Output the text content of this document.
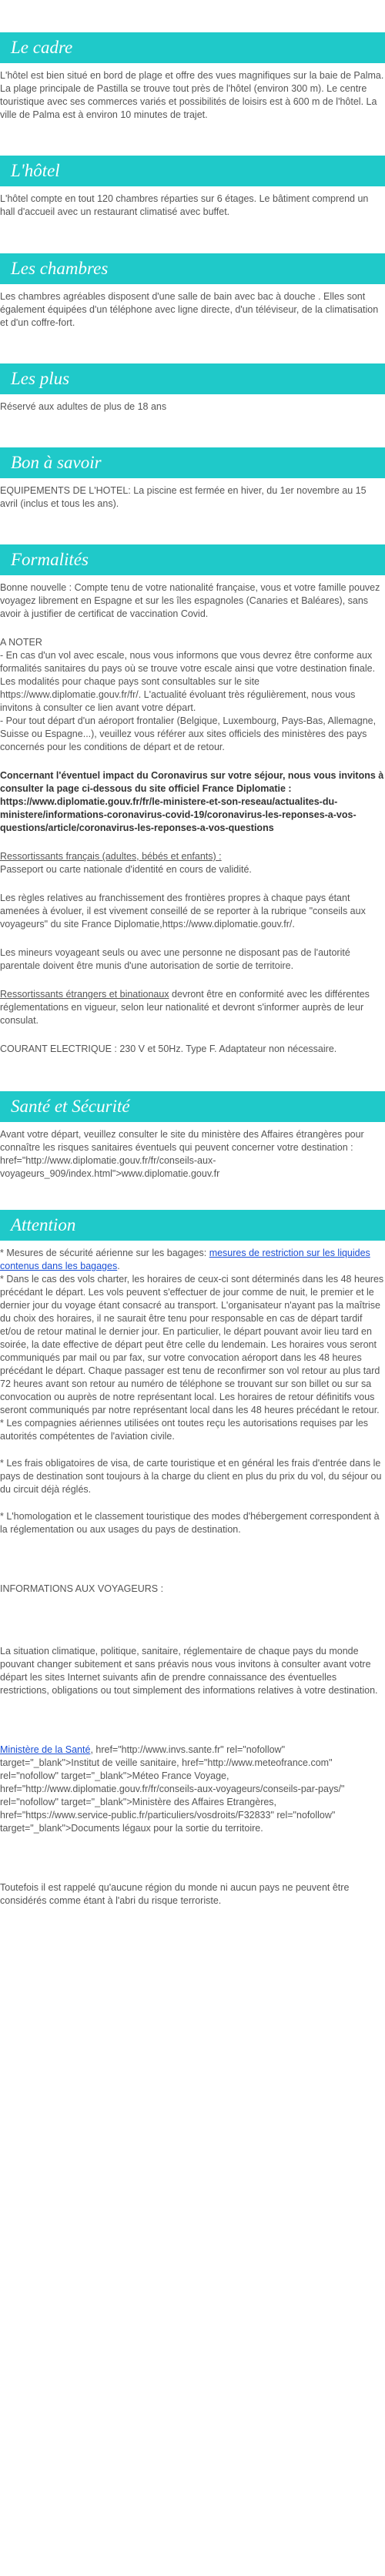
Le cadre

L'hôtel est bien situé en bord de plage et offre des vues magnifiques sur la baie de Palma. La plage principale de Pastilla se trouve tout près de l'hôtel (environ 300 m). Le centre touristique avec ses commerces variés et possibilités de loisirs est à 600 m de l'hôtel. La ville de Palma est à environ 10 minutes de trajet.

L'hôtel

L'hôtel compte en tout 120 chambres réparties sur 6 étages. Le bâtiment comprend un hall d'accueil avec un restaurant climatisé avec buffet.

Les chambres

Les chambres agréables disposent d'une salle de bain avec bac à douche . Elles sont également équipées d'un téléphone avec ligne directe, d'un téléviseur, de la climatisation et d'un coffre-fort.

Les plus

Réservé aux adultes de plus de 18 ans

Bon à savoir

EQUIPEMENTS DE L'HOTEL: La piscine est fermée en hiver, du 1er novembre au 15 avril (inclus et tous les ans).

Formalités

Bonne nouvelle : Compte tenu de votre nationalité française, vous et votre famille pouvez voyagez librement en Espagne et sur les îles espagnoles (Canaries et Baléares), sans avoir à justifier de certificat de vaccination Covid.

A NOTER

- En cas d'un vol avec escale, nous vous informons que vous devrez être conforme aux formalités sanitaires du pays où se trouve votre escale ainsi que votre destination finale.

Les modalités pour chaque pays sont consultables sur le site https://www.diplomatie.gouv.fr/fr/. L'actualité évoluant très régulièrement, nous vous invitons à consulter ce lien avant votre départ.

- Pour tout départ d'un aéroport frontalier (Belgique, Luxembourg, Pays-Bas, Allemagne, Suisse ou Espagne...), veuillez vous référer aux sites officiels des ministères des pays concernés pour les conditions de départ et de retour.

Concernant l'éventuel impact du Coronavirus sur votre séjour, nous vous invitons à consulter la page ci-dessous du site officiel France Diplomatie : https://www.diplomatie.gouv.fr/fr/le-ministere-et-son-reseau/actualites-du-ministere/informations-coronavirus-covid-19/coronavirus-les-reponses-a-vos-questions/article/coronavirus-les-reponses-a-vos-questions

Ressortissants français (adultes, bébés et enfants) :

Passeport ou carte nationale d'identité en cours de validité.

Les règles relatives au franchissement des frontières propres à chaque pays étant amenées à évoluer, il est vivement conseillé de se reporter à la rubrique "conseils aux voyageurs" du site France Diplomatie,https://www.diplomatie.gouv.fr/.

Les mineurs voyageant seuls ou avec une personne ne disposant pas de l'autorité parentale doivent être munis d'une autorisation de sortie de territoire.

Ressortissants étrangers et binationaux devront être en conformité avec les différentes réglementations en vigueur, selon leur nationalité et devront s'informer auprès de leur consulat.

COURANT ELECTRIQUE : 230 V et 50Hz. Type F. Adaptateur non nécessaire.

Santé et Sécurité

Avant votre départ, veuillez consulter le site du ministère des Affaires étrangères pour connaître les risques sanitaires éventuels qui peuvent concerner votre destination : href="http://www.diplomatie.gouv.fr/fr/conseils-aux-voyageurs_909/index.html">www.diplomatie.gouv.fr

Attention

* Mesures de sécurité aérienne sur les bagages: mesures de restriction sur les liquides contenus dans les bagages.

* Dans le cas des vols charter, les horaires de ceux-ci sont déterminés dans les 48 heures précédant le départ. Les vols peuvent s'effectuer de jour comme de nuit, le premier et le dernier jour du voyage étant consacré au transport. L'organisateur n'ayant pas la maîtrise du choix des horaires, il ne saurait être tenu pour responsable en cas de départ tardif et/ou de retour matinal le dernier jour. En particulier, le départ pouvant avoir lieu tard en soirée, la date effective de départ peut être celle du lendemain. Les horaires vous seront communiqués par mail ou par fax, sur votre convocation aéroport dans les 48 heures précédant le départ. Chaque passager est tenu de reconfirmer son vol retour au plus tard 72 heures avant son retour au numéro de téléphone se trouvant sur son billet ou sur sa convocation ou auprès de notre représentant local. Les horaires de retour définitifs vous seront communiqués par notre représentant local dans les 48 heures précédant le retour.

* Les compagnies aériennes utilisées ont toutes reçu les autorisations requises par les autorités compétentes de l'aviation civile.

* Les frais obligatoires de visa, de carte touristique et en général les frais d'entrée dans le pays de destination sont toujours à la charge du client en plus du prix du vol, du séjour ou du circuit déjà réglés.

* L'homologation et le classement touristique des modes d'hébergement correspondent à la réglementation ou aux usages du pays de destination.

INFORMATIONS AUX VOYAGEURS :

La situation climatique, politique, sanitaire, réglementaire de chaque pays du monde pouvant changer subitement et sans préavis nous vous invitons à consulter avant votre départ les sites Internet suivants afin de prendre connaissance des éventuelles restrictions, obligations ou tout simplement des informations relatives à votre destination.

Ministère de la Santé, href="http://www.invs.sante.fr" rel="nofollow" target="_blank">Institut de veille sanitaire, href="http://www.meteofrance.com" rel="nofollow" target="_blank">Méteo France Voyage, href="http://www.diplomatie.gouv.fr/fr/conseils-aux-voyageurs/conseils-par-pays/" rel="nofollow" target="_blank">Ministère des Affaires Etrangères, href="https://www.service-public.fr/particuliers/vosdroits/F32833" rel="nofollow" target="_blank">Documents légaux pour la sortie du territoire.

Toutefois il est rappelé qu'aucune région du monde ni aucun pays ne peuvent être considérés comme étant à l'abri du risque terroriste.
